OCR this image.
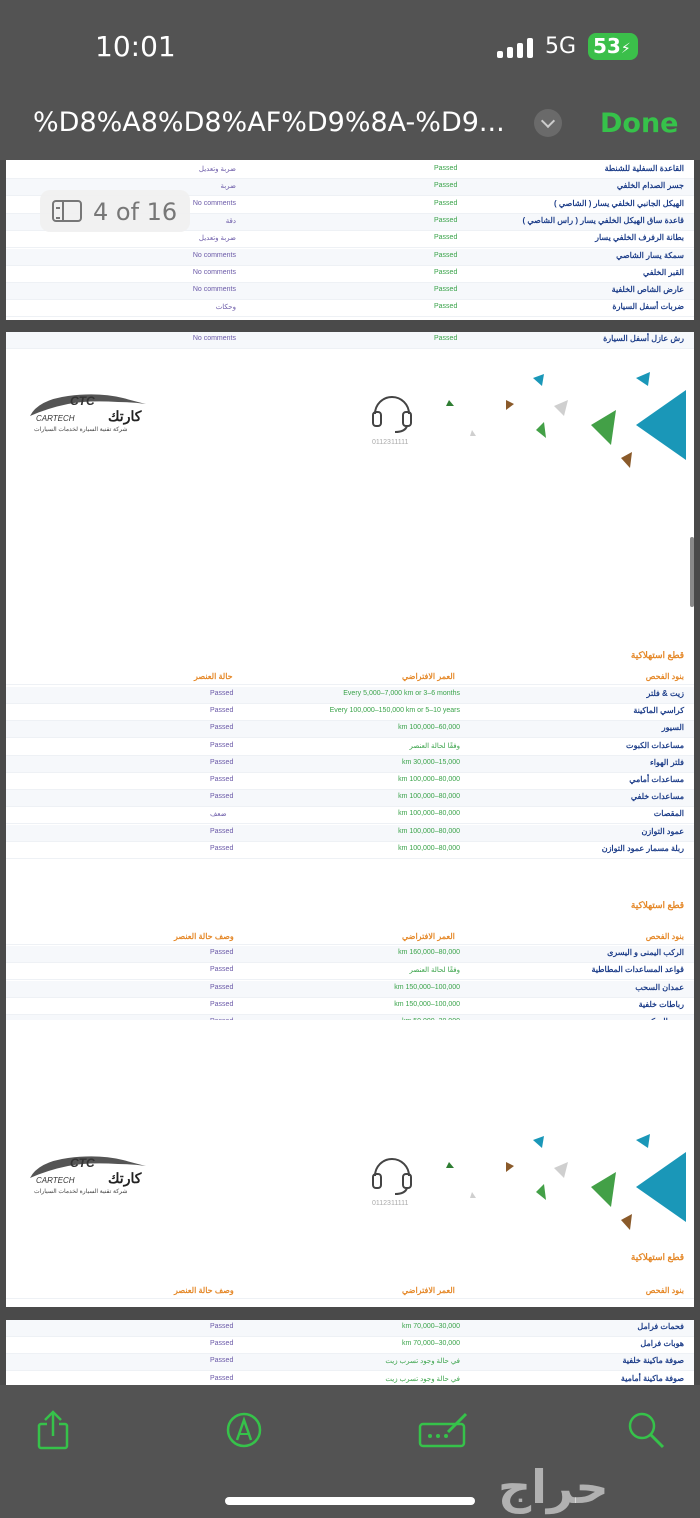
10:01	5G 53⚡
%D8%A8%D8%AF%D9%8A-%D9...	Done
القاعدة السفلية للشنطة
Passed
ضربة وتعديل
جسر الصدام الخلفي
Passed
ضربة
الهيكل الجانبي الخلفي يسار ( الشاصي )
Passed
No comments
قاعدة ساق الهيكل الخلفي يسار ( راس الشاصي )
Passed
دقة
بطانة الرفرف الخلفي يسار
Passed
ضربة وتعديل
سمكة يسار الشاصي
Passed
No comments
القبر الخلفي
Passed
No comments
عارض الشاص الخلفية
Passed
No comments
ضربات أسفل السيارة
Passed
وحكات
رش عازل أسفل السيارة
Passed
No comments
0112311111
CTC
كارتك
CARTECH
شركة تقنية السيارة لخدمات السيارات
قطع استهلاكية
بنود الفحص
العمر الافتراضي
حالة العنصر
زيت & فلتر
Every 5,000–7,000 km or 3–6 months
Passed
كراسي الماكينة
Every 100,000–150,000 km or 5–10 years
Passed
السيور
km 100,000–60,000
Passed
مساعدات الكبوت
وفقًا لحالة العنصر
Passed
فلتر الهواء
km 30,000–15,000
Passed
مساعدات أمامي
km 100,000–80,000
Passed
مساعدات خلفي
km 100,000–80,000
Passed
المقصات
km 100,000–80,000
ضعف
عمود التوازن
km 100,000–80,000
Passed
ربلة مسمار عمود التوازن
km 100,000–80,000
Passed
قطع استهلاكية
بنود الفحص
العمر الافتراضي
وصف حالة العنصر
الركب اليمنى و اليسرى
km 160,000–80,000
Passed
قواعد المساعدات المطاطية
وفقًا لحالة العنصر
Passed
عمدان السحب
km 150,000–100,000
Passed
رباطات خلفية
km 150,000–100,000
Passed
0112311111
CTC
كارتك
CARTECH
شركة تقنية السيارة لخدمات السيارات
قطع استهلاكية
بنود الفحص
العمر الافتراضي
وصف حالة العنصر
فحمات فرامل
km 70,000–30,000
Passed
هوبات فرامل
km 70,000–30,000
Passed
صوفة ماكينة خلفية
في حالة وجود تسرب زيت
Passed
صوفة ماكينة أمامية
في حالة وجود تسرب زيت
Passed
4 of 16
حراج
